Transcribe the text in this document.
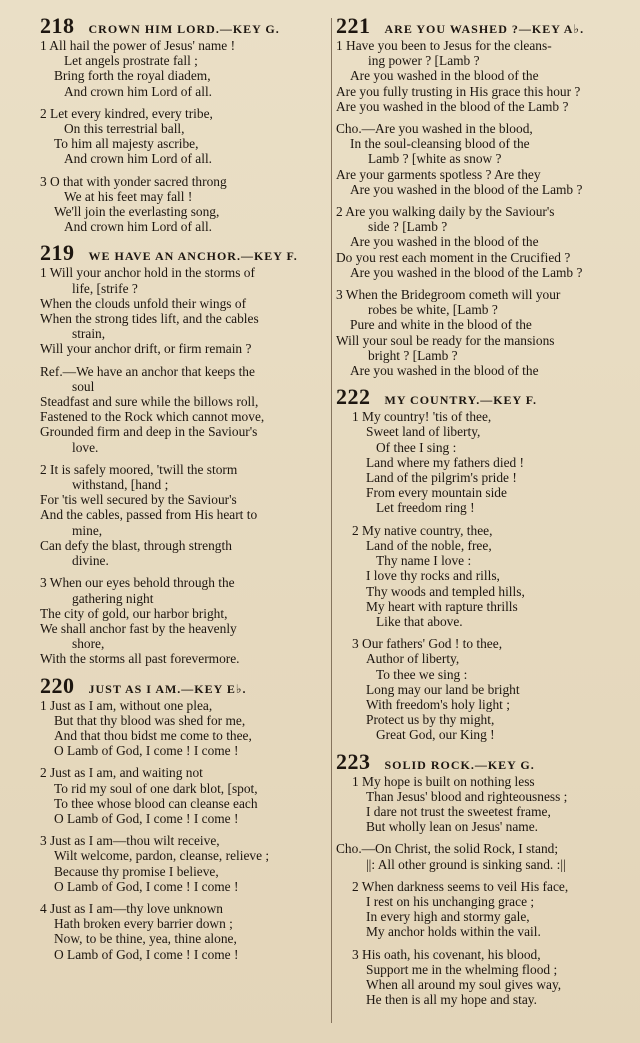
218 CROWN HIM LORD.—KEY G.
1 All hail the power of Jesus' name !
Let angels prostrate fall ;
Bring forth the royal diadem,
And crown him Lord of all.
2 Let every kindred, every tribe,
On this terrestrial ball,
To him all majesty ascribe,
And crown him Lord of all.
3 O that with yonder sacred throng
We at his feet may fall !
We'll join the everlasting song,
And crown him Lord of all.
219 WE HAVE AN ANCHOR.—KEY F.
1 Will your anchor hold in the storms of
life, [strife ?
When the clouds unfold their wings of
When the strong tides lift, and the cables
strain,
Will your anchor drift, or firm remain ?
Ref.—We have an anchor that keeps the
soul
Steadfast and sure while the billows roll,
Fastened to the Rock which cannot move,
Grounded firm and deep in the Saviour's
love.
2 It is safely moored, 'twill the storm
withstand, [hand ;
For 'tis well secured by the Saviour's
And the cables, passed from His heart to
mine,
Can defy the blast, through strength
divine.
3 When our eyes behold through the
gathering night
The city of gold, our harbor bright,
We shall anchor fast by the heavenly
shore,
With the storms all past forevermore.
220 JUST AS I AM.—KEY E♭.
1 Just as I am, without one plea,
But that thy blood was shed for me,
And that thou bidst me come to thee,
O Lamb of God, I come ! I come !
2 Just as I am, and waiting not
To rid my soul of one dark blot, [spot,
To thee whose blood can cleanse each
O Lamb of God, I come ! I come !
3 Just as I am—thou wilt receive,
Wilt welcome, pardon, cleanse, relieve ;
Because thy promise I believe,
O Lamb of God, I come ! I come !
4 Just as I am—thy love unknown
Hath broken every barrier down ;
Now, to be thine, yea, thine alone,
O Lamb of God, I come ! I come !
221 ARE YOU WASHED ?—KEY A♭.
1 Have you been to Jesus for the cleans-
ing power ? [Lamb ?
Are you washed in the blood of the
Are you fully trusting in His grace this hour ?
Are you washed in the blood of the Lamb ?
Cho.—Are you washed in the blood,
In the soul-cleansing blood of the
Lamb ? [white as snow ?
Are your garments spotless ? Are they
Are you washed in the blood of the Lamb ?
2 Are you walking daily by the Saviour's
side ? [Lamb ?
Are you washed in the blood of the
Do you rest each moment in the Crucified ?
Are you washed in the blood of the Lamb ?
3 When the Bridegroom cometh will your
robes be white, [Lamb ?
Pure and white in the blood of the
Will your soul be ready for the mansions
bright ? [Lamb ?
Are you washed in the blood of the
222 MY COUNTRY.—KEY F.
1 My country! 'tis of thee,
Sweet land of liberty,
Of thee I sing :
Land where my fathers died !
Land of the pilgrim's pride !
From every mountain side
Let freedom ring !
2 My native country, thee,
Land of the noble, free,
Thy name I love :
I love thy rocks and rills,
Thy woods and templed hills,
My heart with rapture thrills
Like that above.
3 Our fathers' God ! to thee,
Author of liberty,
To thee we sing :
Long may our land be bright
With freedom's holy light ;
Protect us by thy might,
Great God, our King !
223 SOLID ROCK.—KEY G.
1 My hope is built on nothing less
Than Jesus' blood and righteousness ;
I dare not trust the sweetest frame,
But wholly lean on Jesus' name.
Cho.—On Christ, the solid Rock, I stand;
||: All other ground is sinking sand. :||
2 When darkness seems to veil His face,
I rest on his unchanging grace ;
In every high and stormy gale,
My anchor holds within the vail.
3 His oath, his covenant, his blood,
Support me in the whelming flood ;
When all around my soul gives way,
He then is all my hope and stay.
